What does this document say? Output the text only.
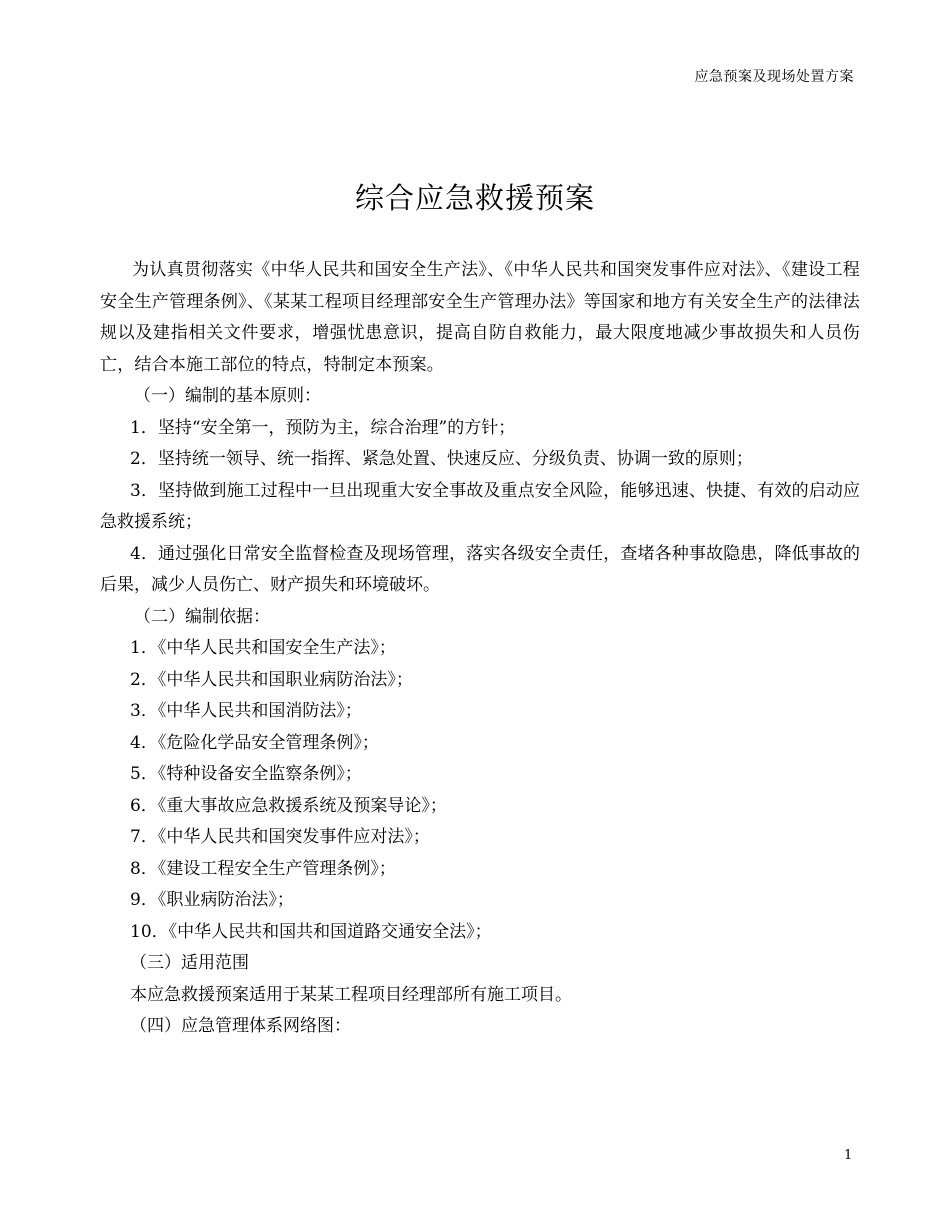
应急预案及现场处置方案
综合应急救援预案

为认真贯彻落实《中华人民共和国安全生产法》、《中华人民共和国突发事件应对法》、《建设工程安全生产管理条例》、《某某工程项目经理部安全生产管理办法》等国家和地方有关安全生产的法律法规以及建指相关文件要求，增强忧患意识，提高自防自救能力，最大限度地减少事故损失和人员伤亡，结合本施工部位的特点，特制定本预案。

（一）编制的基本原则：

1．坚持“安全第一，预防为主，综合治理”的方针；

2．坚持统一领导、统一指挥、紧急处置、快速反应、分级负责、协调一致的原则；

3．坚持做到施工过程中一旦出现重大安全事故及重点安全风险，能够迅速、快捷、有效的启动应急救援系统；

4．通过强化日常安全监督检查及现场管理，落实各级安全责任，查堵各种事故隐患，降低事故的后果，减少人员伤亡、财产损失和环境破坏。

（二）编制依据：

1．《中华人民共和国安全生产法》；

2．《中华人民共和国职业病防治法》；

3．《中华人民共和国消防法》；

4．《危险化学品安全管理条例》；

5．《特种设备安全监察条例》；

6．《重大事故应急救援系统及预案导论》；

7．《中华人民共和国突发事件应对法》；

8．《建设工程安全生产管理条例》；

9．《职业病防治法》；

10．《中华人民共和国共和国道路交通安全法》；

（三）适用范围

本应急救援预案适用于某某工程项目经理部所有施工项目。

（四）应急管理体系网络图：

1
